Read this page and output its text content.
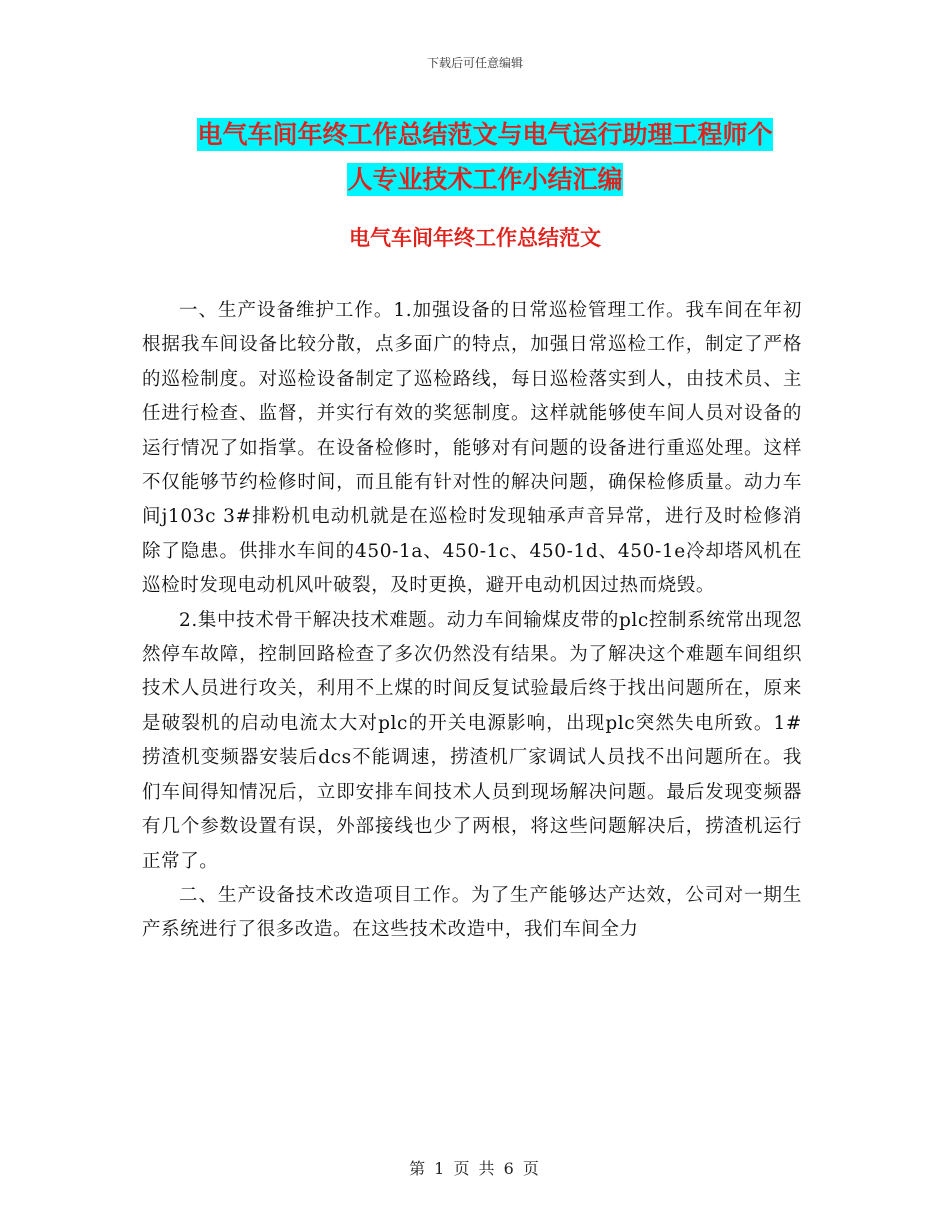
下载后可任意编辑
电气车间年终工作总结范文与电气运行助理工程师个
人专业技术工作小结汇编
电气车间年终工作总结范文

一、生产设备维护工作。1.加强设备的日常巡检管理工作。我车间在年初根据我车间设备比较分散，点多面广的特点，加强日常巡检工作，制定了严格的巡检制度。对巡检设备制定了巡检路线，每日巡检落实到人，由技术员、主任进行检查、监督，并实行有效的奖惩制度。这样就能够使车间人员对设备的运行情况了如指掌。在设备检修时，能够对有问题的设备进行重巡处理。这样不仅能够节约检修时间，而且能有针对性的解决问题，确保检修质量。动力车间j103c 3#排粉机电动机就是在巡检时发现轴承声音异常，进行及时检修消除了隐患。供排水车间的450-1a、450-1c、450-1d、450-1e冷却塔风机在巡检时发现电动机风叶破裂，及时更换，避开电动机因过热而烧毁。

2.集中技术骨干解决技术难题。动力车间输煤皮带的plc控制系统常出现忽然停车故障，控制回路检查了多次仍然没有结果。为了解决这个难题车间组织技术人员进行攻关，利用不上煤的时间反复试验最后终于找出问题所在，原来是破裂机的启动电流太大对plc的开关电源影响，出现plc突然失电所致。1#捞渣机变频器安装后dcs不能调速，捞渣机厂家调试人员找不出问题所在。我们车间得知情况后，立即安排车间技术人员到现场解决问题。最后发现变频器有几个参数设置有误，外部接线也少了两根，将这些问题解决后，捞渣机运行正常了。

二、生产设备技术改造项目工作。为了生产能够达产达效，公司对一期生产系统进行了很多改造。在这些技术改造中，我们车间全力

第 1 页 共 6 页
